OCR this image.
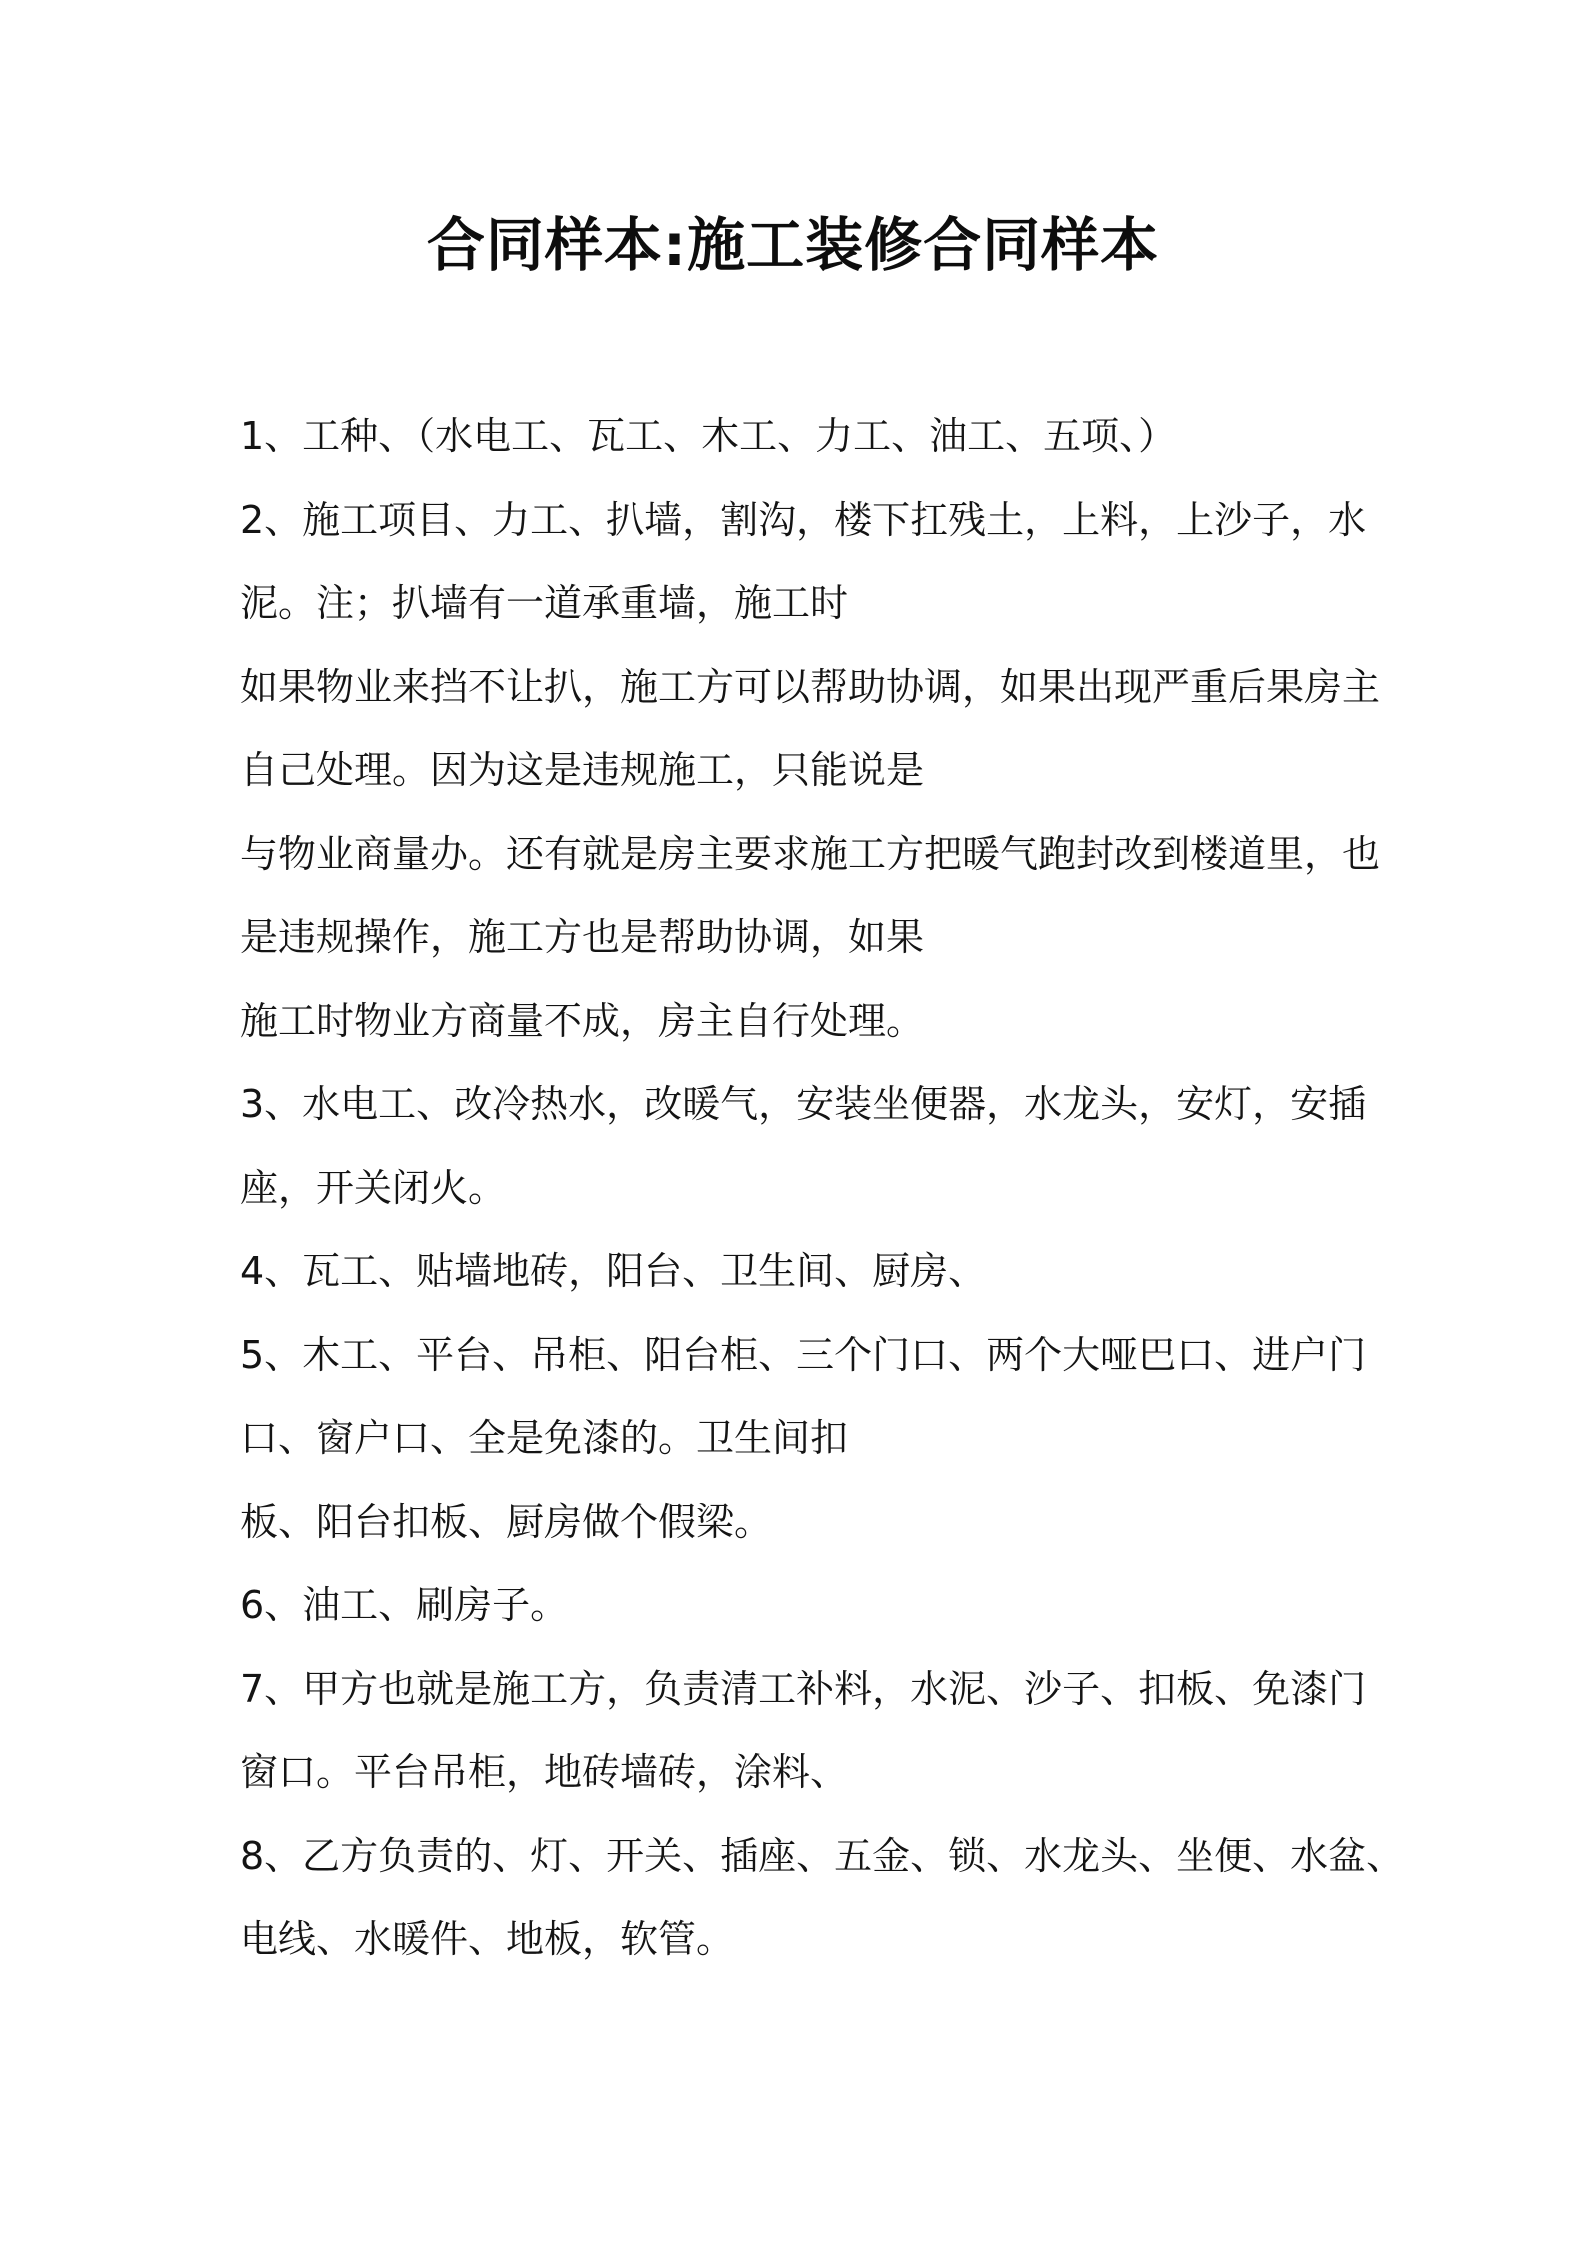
合同样本:施工装修合同样本
1、工种、（水电工、瓦工、木工、力工、油工、五项、）
2、施工项目、力工、扒墙，割沟，楼下扛残土，上料，上沙子，水
泥。注；扒墙有一道承重墙，施工时
如果物业来挡不让扒，施工方可以帮助协调，如果出现严重后果房主
自己处理。因为这是违规施工，只能说是
与物业商量办。还有就是房主要求施工方把暖气跑封改到楼道里，也
是违规操作，施工方也是帮助协调，如果
施工时物业方商量不成，房主自行处理。
3、水电工、改冷热水，改暖气，安装坐便器，水龙头，安灯，安插
座，开关闭火。
4、瓦工、贴墙地砖，阳台、卫生间、厨房、
5、木工、平台、吊柜、阳台柜、三个门口、两个大哑巴口、进户门
口、窗户口、全是免漆的。卫生间扣
板、阳台扣板、厨房做个假梁。
6、油工、刷房子。
7、甲方也就是施工方，负责清工补料，水泥、沙子、扣板、免漆门
窗口。平台吊柜，地砖墙砖，涂料、
8、乙方负责的、灯、开关、插座、五金、锁、水龙头、坐便、水盆、
电线、水暖件、地板，软管。
